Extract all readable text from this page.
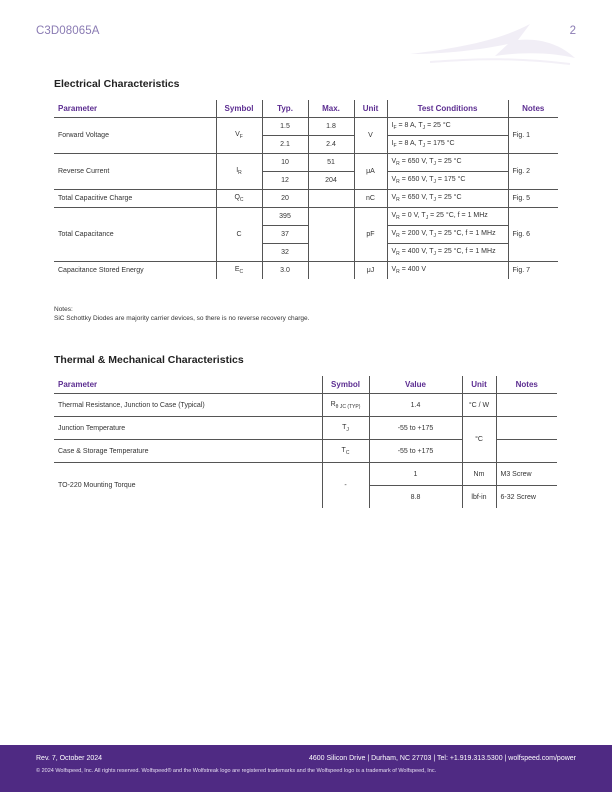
C3D08065A	2
Electrical Characteristics
Parameter	Symbol	Typ.	Max.	Unit	Test Conditions	Notes
Forward Voltage	$V_F$	1.5	1.8	V	$I_F = 8$ A, $T_J = 25$ °C	Fig. 1
		2.1	2.4		$I_F = 8$ A, $T_J = 175$ °C	
Reverse Current	$I_R$	10	51	μA	$V_R = 650$ V, $T_J = 25$ °C	Fig. 2
		12	204		$V_R = 650$ V, $T_J = 175$ °C	
Total Capacitive Charge	$Q_C$	20		nC	$V_R = 650$ V, $T_J = 25$ °C	Fig. 5
Total Capacitance	C	395		pF	$V_R = 0$ V, $T_J = 25$ °C, f = 1 MHz	Fig. 6
		37			$V_R = 200$ V, $T_J = 25$ °C, f = 1 MHz	
		32			$V_R = 400$ V, $T_J = 25$ °C, f = 1 MHz	
Capacitance Stored Energy	$E_C$	3.0		μJ	$V_R = 400$ V	Fig. 7
Notes:
SiC Schottky Diodes are majority carrier devices, so there is no reverse recovery charge.
Thermal & Mechanical Characteristics
Parameter	Symbol	Value	Unit	Notes
Thermal Resistance, Junction to Case (Typical)	$R_{\theta JC (TYP)}$	1.4	°C / W	
Junction Temperature	$T_J$	-55 to +175	°C	
Case & Storage Temperature	$T_C$	-55 to +175		
TO-220 Mounting Torque	-	1	Nm	M3 Screw
		8.8	lbf-in	6-32 Screw
Rev. 7, October 2024	4600 Silicon Drive | Durham, NC 27703 | Tel: +1.919.313.5300 | wolfspeed.com/power
© 2024 Wolfspeed, Inc. All rights reserved. Wolfspeed® and the Wolfstreak logo are registered trademarks and the Wolfspeed logo is a trademark of Wolfspeed, Inc.
